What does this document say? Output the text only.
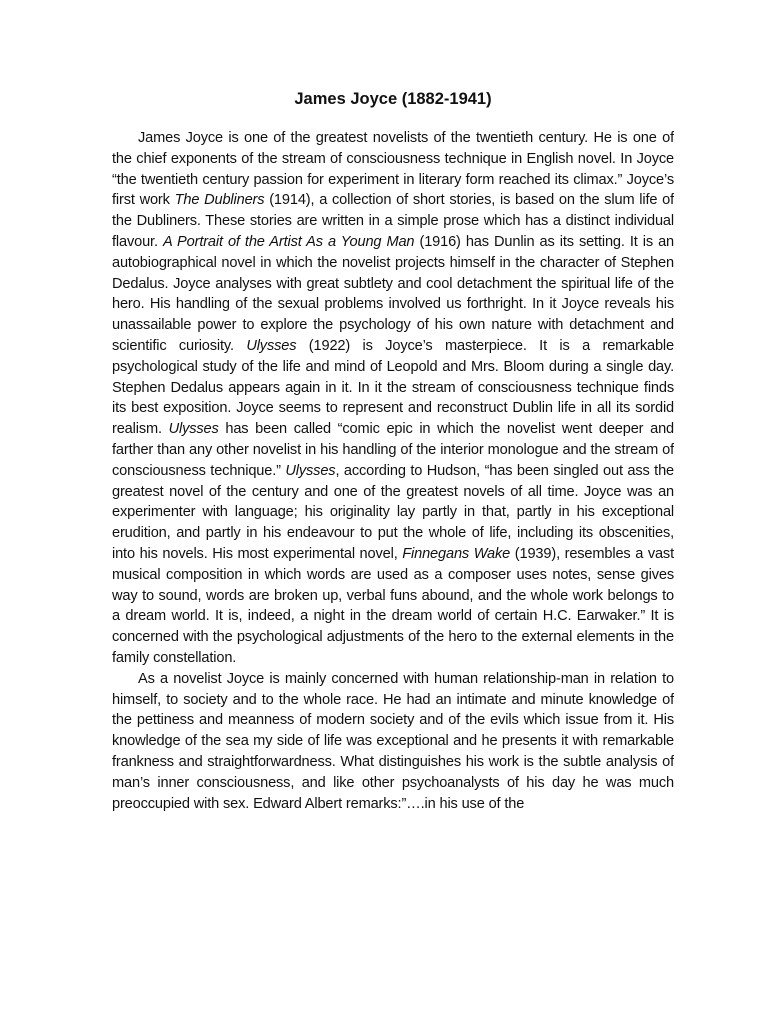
James Joyce (1882-1941)

James Joyce is one of the greatest novelists of the twentieth century. He is one of the chief exponents of the stream of consciousness technique in English novel. In Joyce “the twentieth century passion for experiment in literary form reached its climax.” Joyce’s first work The Dubliners (1914), a collection of short stories, is based on the slum life of the Dubliners. These stories are written in a simple prose which has a distinct individual flavour. A Portrait of the Artist As a Young Man (1916) has Dunlin as its setting. It is an autobiographical novel in which the novelist projects himself in the character of Stephen Dedalus. Joyce analyses with great subtlety and cool detachment the spiritual life of the hero. His handling of the sexual problems involved us forthright. In it Joyce reveals his unassailable power to explore the psychology of his own nature with detachment and scientific curiosity. Ulysses (1922) is Joyce’s masterpiece. It is a remarkable psychological study of the life and mind of Leopold and Mrs. Bloom during a single day. Stephen Dedalus appears again in it. In it the stream of consciousness technique finds its best exposition. Joyce seems to represent and reconstruct Dublin life in all its sordid realism. Ulysses has been called “comic epic in which the novelist went deeper and farther than any other novelist in his handling of the interior monologue and the stream of consciousness technique.” Ulysses, according to Hudson, “has been singled out ass the greatest novel of the century and one of the greatest novels of all time. Joyce was an experimenter with language; his originality lay partly in that, partly in his exceptional erudition, and partly in his endeavour to put the whole of life, including its obscenities, into his novels. His most experimental novel, Finnegans Wake (1939), resembles a vast musical composition in which words are used as a composer uses notes, sense gives way to sound, words are broken up, verbal funs abound, and the whole work belongs to a dream world. It is, indeed, a night in the dream world of certain H.C. Earwaker.” It is concerned with the psychological adjustments of the hero to the external elements in the family constellation.

As a novelist Joyce is mainly concerned with human relationship-man in relation to himself, to society and to the whole race. He had an intimate and minute knowledge of the pettiness and meanness of modern society and of the evils which issue from it. His knowledge of the sea my side of life was exceptional and he presents it with remarkable frankness and straightforwardness. What distinguishes his work is the subtle analysis of man’s inner consciousness, and like other psychoanalysts of his day he was much preoccupied with sex. Edward Albert remarks:”….in his use of the
